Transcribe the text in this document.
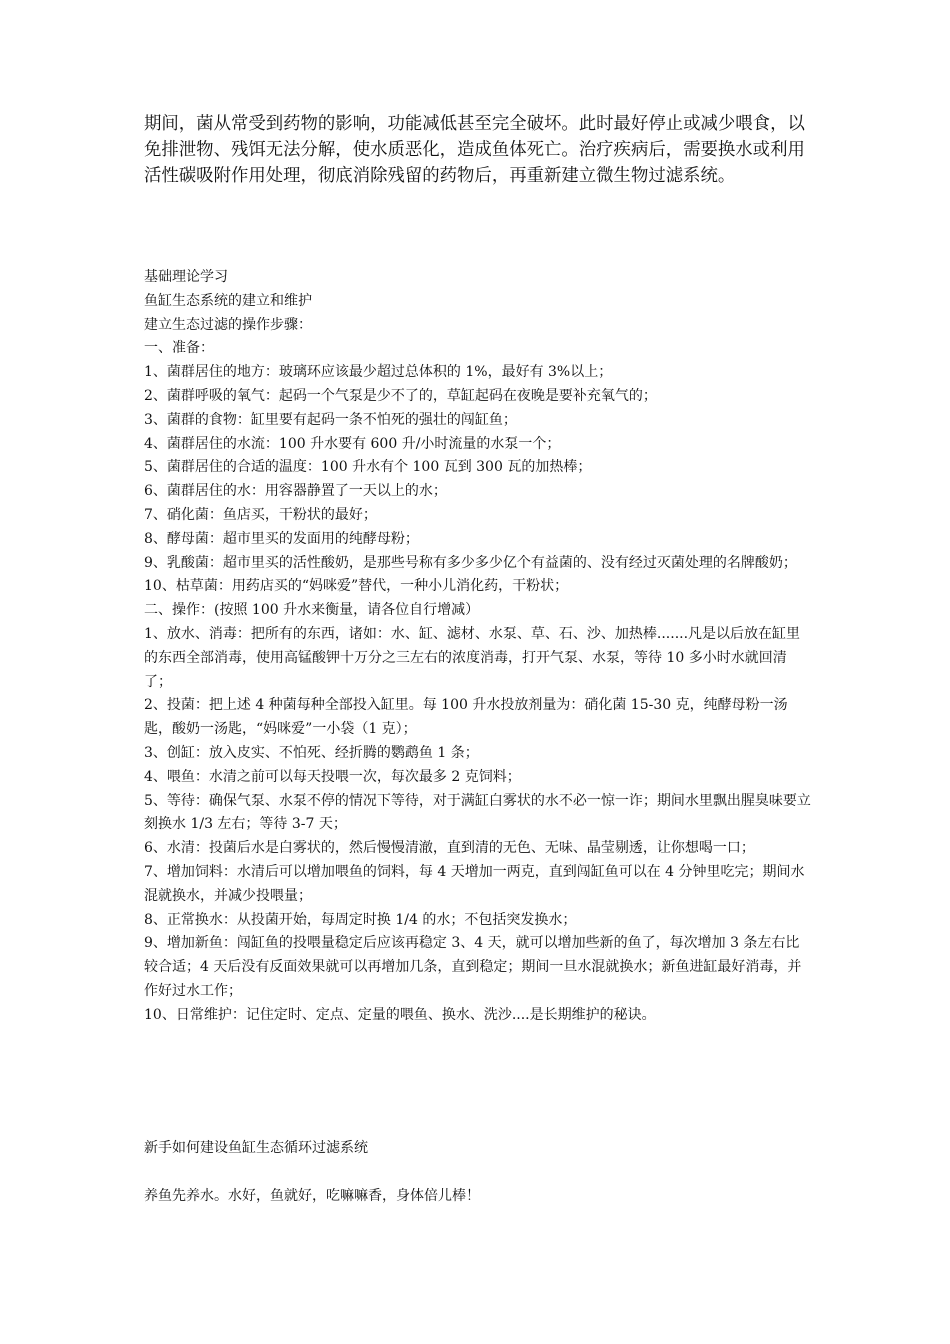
期间，菌从常受到药物的影响，功能减低甚至完全破坏。此时最好停止或减少喂食，以免排泄物、残饵无法分解，使水质恶化，造成鱼体死亡。治疗疾病后，需要换水或利用活性碳吸附作用处理，彻底消除残留的药物后，再重新建立微生物过滤系统。

基础理论学习

鱼缸生态系统的建立和维护

建立生态过滤的操作步骤：

一、准备：

1、菌群居住的地方：玻璃环应该最少超过总体积的 1%，最好有 3%以上；

2、菌群呼吸的氧气：起码一个气泵是少不了的，草缸起码在夜晚是要补充氧气的；

3、菌群的食物：缸里要有起码一条不怕死的强壮的闯缸鱼；

4、菌群居住的水流：100 升水要有 600 升/小时流量的水泵一个；

5、菌群居住的合适的温度：100 升水有个 100 瓦到 300 瓦的加热棒；

6、菌群居住的水：用容器静置了一天以上的水；

7、硝化菌：鱼店买，干粉状的最好；

8、酵母菌：超市里买的发面用的纯酵母粉；

9、乳酸菌：超市里买的活性酸奶，是那些号称有多少多少亿个有益菌的、没有经过灭菌处理的名牌酸奶；

10、枯草菌：用药店买的“妈咪爱”替代，一种小儿消化药，干粉状；

二、操作：(按照 100 升水来衡量，请各位自行增减）

1、放水、消毒：把所有的东西，诸如：水、缸、滤材、水泵、草、石、沙、加热棒.......凡是以后放在缸里的东西全部消毒，使用高锰酸钾十万分之三左右的浓度消毒，打开气泵、水泵，等待 10 多小时水就回清了；

2、投菌：把上述 4 种菌每种全部投入缸里。每 100 升水投放剂量为：硝化菌 15-30 克，纯酵母粉一汤匙，酸奶一汤匙，“妈咪爱”一小袋（1 克）；

3、创缸：放入皮实、不怕死、经折腾的鹦鹉鱼 1 条；

4、喂鱼：水清之前可以每天投喂一次，每次最多 2 克饲料；

5、等待：确保气泵、水泵不停的情况下等待，对于满缸白雾状的水不必一惊一诈；期间水里飘出腥臭味要立刻换水 1/3 左右；等待 3-7 天；

6、水清：投菌后水是白雾状的，然后慢慢清澈，直到清的无色、无味、晶莹剔透，让你想喝一口；

7、增加饲料：水清后可以增加喂鱼的饲料，每 4 天增加一两克，直到闯缸鱼可以在 4 分钟里吃完；期间水混就换水，并减少投喂量；

8、正常换水：从投菌开始，每周定时换 1/4 的水；不包括突发换水；

9、增加新鱼：闯缸鱼的投喂量稳定后应该再稳定 3、4 天，就可以增加些新的鱼了，每次增加 3 条左右比较合适；4 天后没有反面效果就可以再增加几条，直到稳定；期间一旦水混就换水；新鱼进缸最好消毒，并作好过水工作；

10、日常维护：记住定时、定点、定量的喂鱼、换水、洗沙....是长期维护的秘诀。

新手如何建设鱼缸生态循环过滤系统

养鱼先养水。水好，鱼就好，吃嘛嘛香，身体倍儿棒！
